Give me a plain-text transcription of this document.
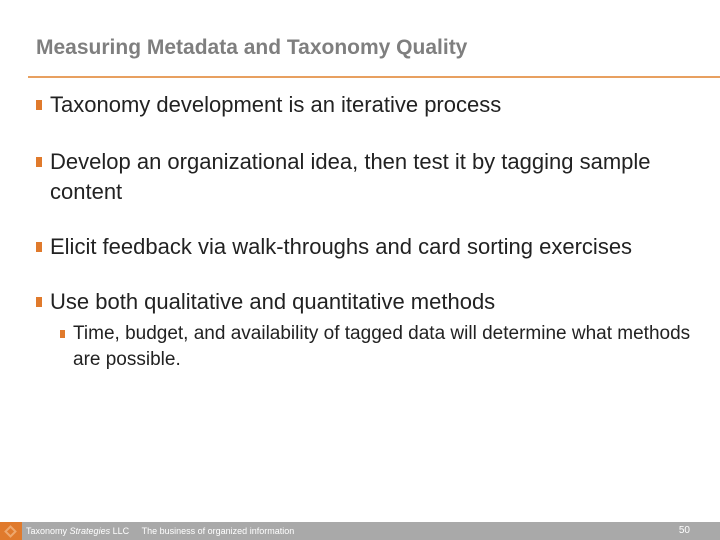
Measuring Metadata and Taxonomy Quality
Taxonomy development is an iterative process
Develop an organizational idea, then test it by tagging sample content
Elicit feedback via walk-throughs and card sorting exercises
Use both qualitative and quantitative methods
Time, budget, and availability of tagged data will determine what methods are possible.
Taxonomy Strategies LLC The business of organized information	50
